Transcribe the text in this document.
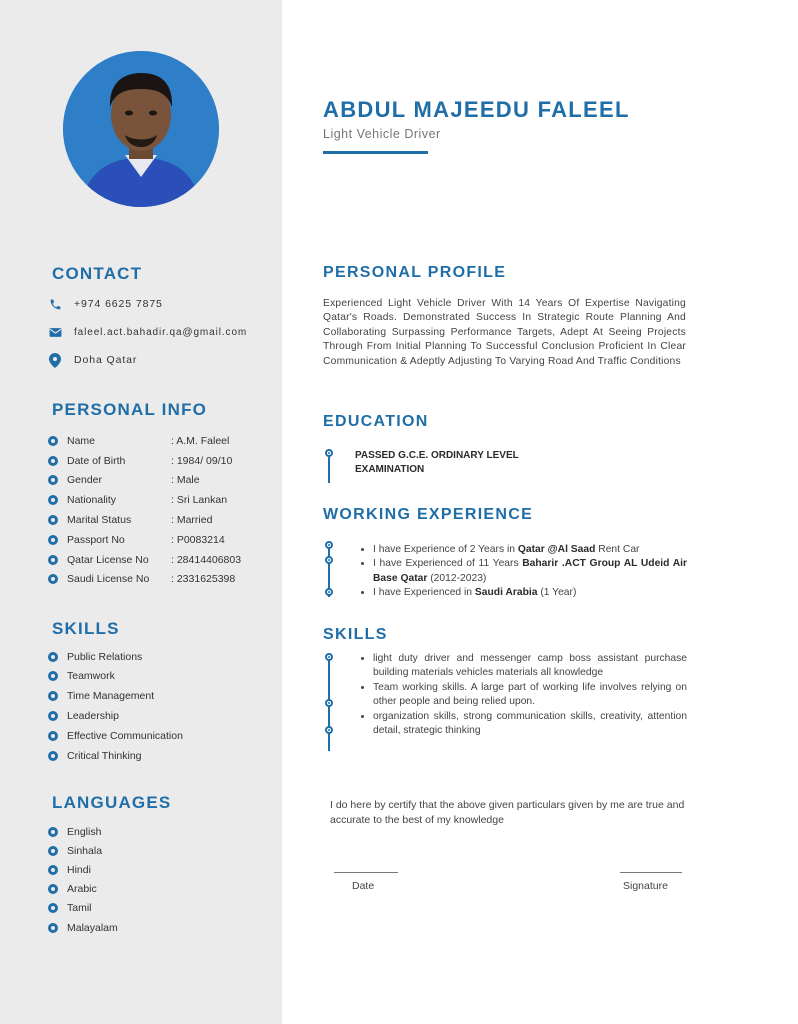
CONTACT
+974 6625 7875
faleel.act.bahadir.qa@gmail.com
Doha Qatar
PERSONAL INFO
Name	: A.M. Faleel
Date of Birth	: 1984/ 09/10
Gender	: Male
Nationality	: Sri Lankan
Marital Status	: Married
Passport No	: P0083214
Qatar License No	: 28414406803
Saudi License No	: 2331625398
SKILLS
Public Relations
Teamwork
Time Management
Leadership
Effective Communication
Critical Thinking
LANGUAGES
English
Sinhala
Hindi
Arabic
Tamil
Malayalam
ABDUL MAJEEDU FALEEL
Light Vehicle Driver
PERSONAL PROFILE
Experienced Light Vehicle Driver With 14 Years Of Expertise Navigating Qatar's Roads. Demonstrated Success In Strategic Route Planning And Collaborating Surpassing Performance Targets, Adept At Seeing Projects Through From Initial Planning To Successful Conclusion Proficient In Clear Communication & Adeptly Adjusting To Varying Road And Traffic Conditions
EDUCATION
PASSED G.C.E. ORDINARY LEVEL
EXAMINATION
WORKING EXPERIENCE
• I have Experience of 2 Years in Qatar @Al Saad Rent Car
• I have Experienced of 11 Years Baharir .ACT Group AL Udeid Air Base Qatar (2012-2023)
• I have Experienced in Saudi Arabia (1 Year)
SKILLS
• light duty driver and messenger camp boss assistant purchase building materials vehicles materials all knowledge
• Team working skills. A large part of working life involves relying on other people and being relied upon.
• organization skills, strong communication skills, creativity, attention detail, strategic thinking
I do here by certify that the above given particulars given by me are true and accurate to the best of my knowledge
Date	Signature
